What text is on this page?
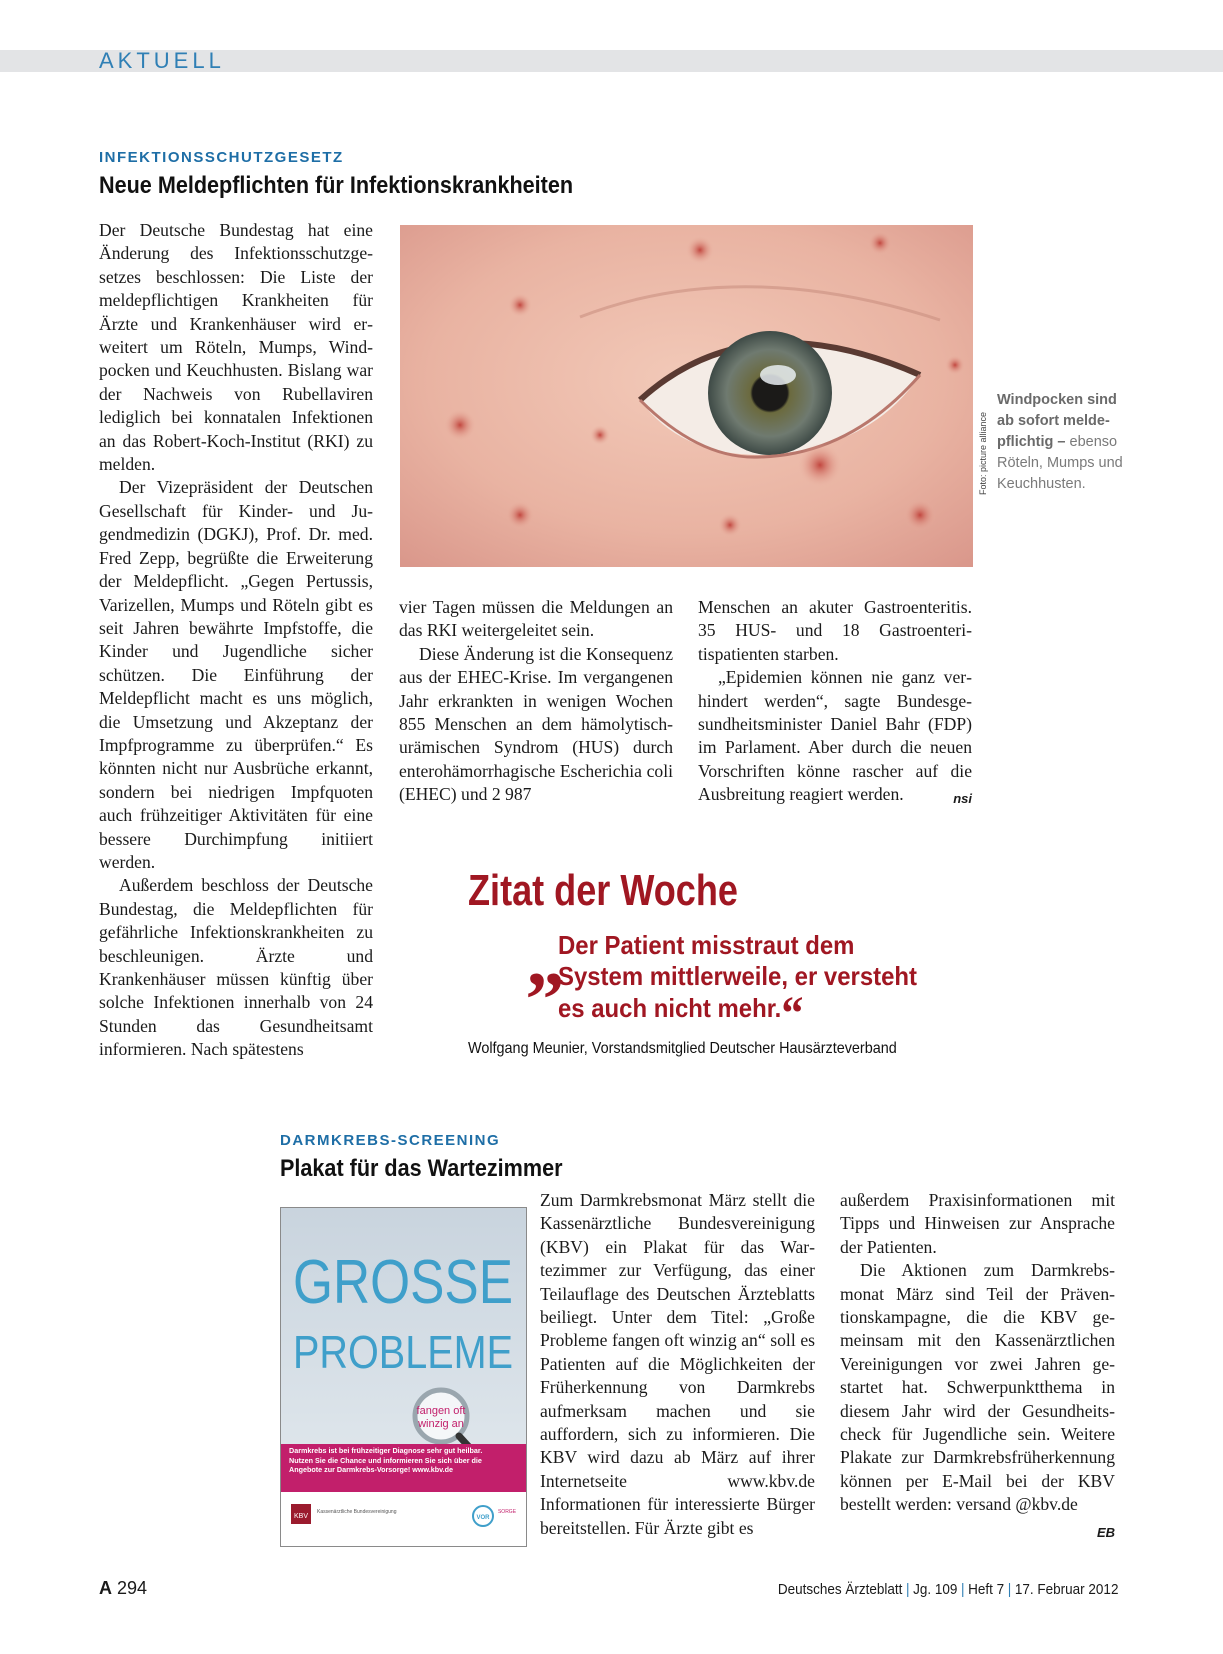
AKTUELL
INFEKTIONSSCHUTZGESETZ
Neue Meldepflichten für Infektionskrankheiten

Der Deutsche Bundestag hat eine Änderung des Infektionsschutzgesetzes beschlossen: Die Liste der meldepflichtigen Krankheiten für Ärzte und Krankenhäuser wird erweitert um Röteln, Mumps, Windpocken und Keuchhusten. Bislang war der Nachweis von Rubellaviren lediglich bei konnatalen Infektionen an das Robert-Koch-Institut (RKI) zu melden.

Der Vizepräsident der Deutschen Gesellschaft für Kinder- und Jugendmedizin (DGKJ), Prof. Dr. med. Fred Zepp, begrüßte die Erweiterung der Meldepflicht. „Gegen Pertussis, Varizellen, Mumps und Röteln gibt es seit Jahren bewährte Impfstoffe, die Kinder und Jugendliche sicher schützen. Die Einführung der Meldepflicht macht es uns möglich, die Umsetzung und Akzeptanz der Impfprogramme zu überprüfen.“ Es könnten nicht nur Ausbrüche erkannt, sondern bei niedrigen Impfquoten auch frühzeitiger Aktivitäten für eine bessere Durchimpfung initiiert werden.

Außerdem beschloss der Deutsche Bundestag, die Meldepflichten für gefährliche Infektionskrankheiten zu beschleunigen. Ärzte und Krankenhäuser müssen künftig über solche Infektionen innerhalb von 24 Stunden das Gesundheitsamt informieren. Nach spätestens

Foto: picture alliance
Windpocken sind ab sofort meldepflichtig – ebenso Röteln, Mumps und Keuchhusten.

vier Tagen müssen die Meldungen an das RKI weitergeleitet sein.

Diese Änderung ist die Konsequenz aus der EHEC-Krise. Im vergangenen Jahr erkrankten in wenigen Wochen 855 Menschen an dem hämolytisch-urämischen Syndrom (HUS) durch enterohämorrhagische Escherichia coli (EHEC) und 2 987

Menschen an akuter Gastroenteritis. 35 HUS- und 18 Gastroenteritispatienten starben.

„Epidemien können nie ganz verhindert werden“, sagte Bundesgesundheitsminister Daniel Bahr (FDP) im Parlament. Aber durch die neuen Vorschriften könne rascher auf die Ausbreitung reagiert werden.	nsi

Zitat der Woche
„
Der Patient misstraut dem System mittlerweile, er versteht es auch nicht mehr.“
Wolfgang Meunier, Vorstandsmitglied Deutscher Hausärzteverband
DARMKREBS-SCREENING
Plakat für das Wartezimmer
GROSSE
PROBLEME
fangen oft
winzig an
Darmkrebs ist bei frühzeitiger Diagnose sehr gut heilbar. Nutzen Sie die Chance und informieren Sie sich über die Angebote zur Darmkrebs-Vorsorge! www.kbv.de
KBV
Kassenärztliche Bundesvereinigung
VOR
SORGE

Zum Darmkrebsmonat März stellt die Kassenärztliche Bundesvereinigung (KBV) ein Plakat für das Wartezimmer zur Verfügung, das einer Teilauflage des Deutschen Ärzteblatts beiliegt. Unter dem Titel: „Große Probleme fangen oft winzig an“ soll es Patienten auf die Möglichkeiten der Früherkennung von Darmkrebs aufmerksam machen und sie auffordern, sich zu informieren. Die KBV wird dazu ab März auf ihrer Internetseite www.kbv.de Informationen für interessierte Bürger bereitstellen. Für Ärzte gibt es

außerdem Praxisinformationen mit Tipps und Hinweisen zur Ansprache der Patienten.

Die Aktionen zum Darmkrebsmonat März sind Teil der Präventionskampagne, die die KBV gemeinsam mit den Kassenärztlichen Vereinigungen vor zwei Jahren gestartet hat. Schwerpunktthema in diesem Jahr wird der Gesundheitscheck für Jugendliche sein. Weitere Plakate zur Darmkrebsfrüherkennung können per E-Mail bei der KBV bestellt werden: versand @kbv.de
EB

A 294	Deutsches Ärzteblatt | Jg. 109 | Heft 7 | 17. Februar 2012
